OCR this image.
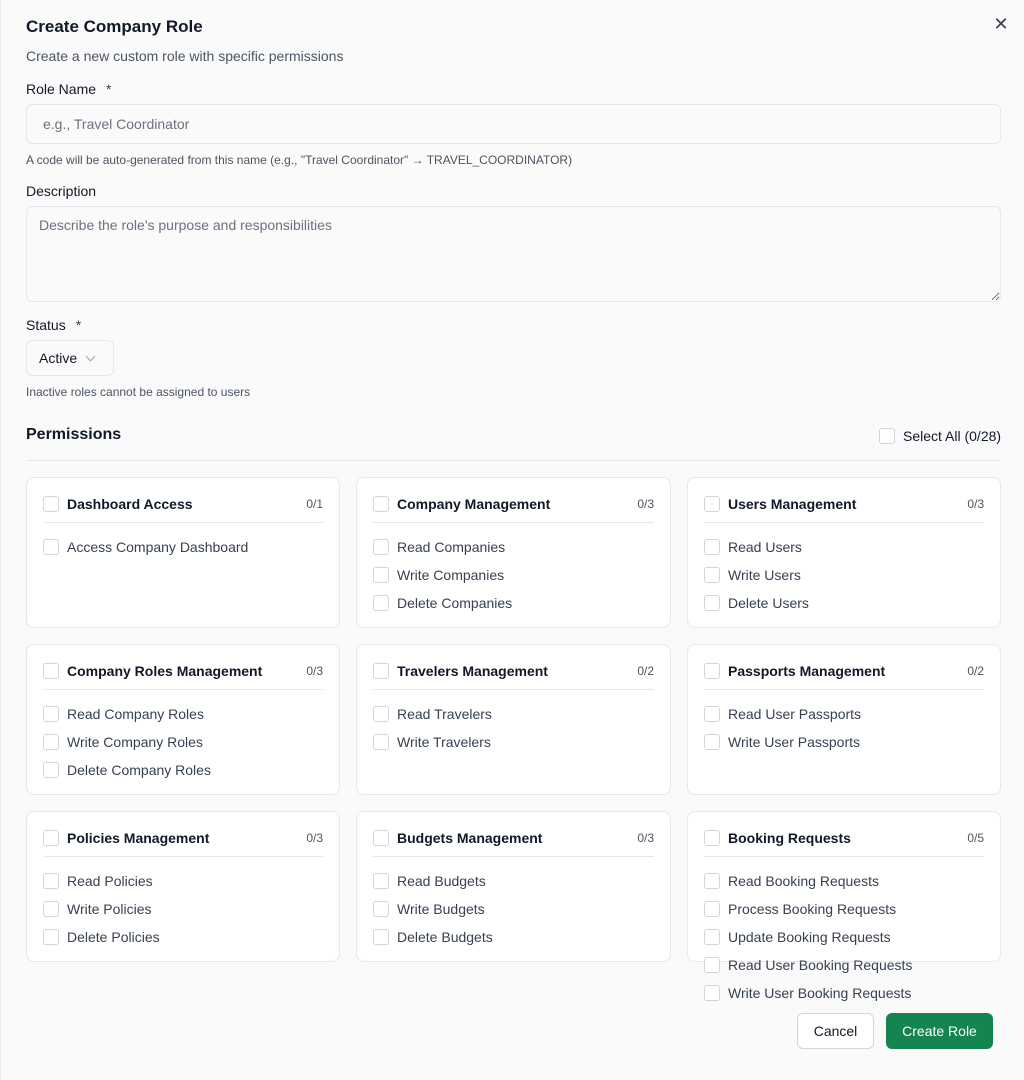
Create Company Role
Create a new custom role with specific permissions
✕
Role Name *
e.g., Travel Coordinator
A code will be auto-generated from this name (e.g., "Travel Coordinator" → TRAVEL_COORDINATOR)
Description
Describe the role's purpose and responsibilities
Status *
Active
Inactive roles cannot be assigned to users
Permissions	Select All (0/28)
Dashboard Access	0/1
Access Company Dashboard
Company Management	0/3
Read Companies
Write Companies
Delete Companies
Users Management	0/3
Read Users
Write Users
Delete Users
Company Roles Management	0/3
Read Company Roles
Write Company Roles
Delete Company Roles
Travelers Management	0/2
Read Travelers
Write Travelers
Passports Management	0/2
Read User Passports
Write User Passports
Policies Management	0/3
Read Policies
Write Policies
Delete Policies
Budgets Management	0/3
Read Budgets
Write Budgets
Delete Budgets
Booking Requests	0/5
Read Booking Requests
Process Booking Requests
Update Booking Requests
Read User Booking Requests
Write User Booking Requests
Cancel	Create Role
